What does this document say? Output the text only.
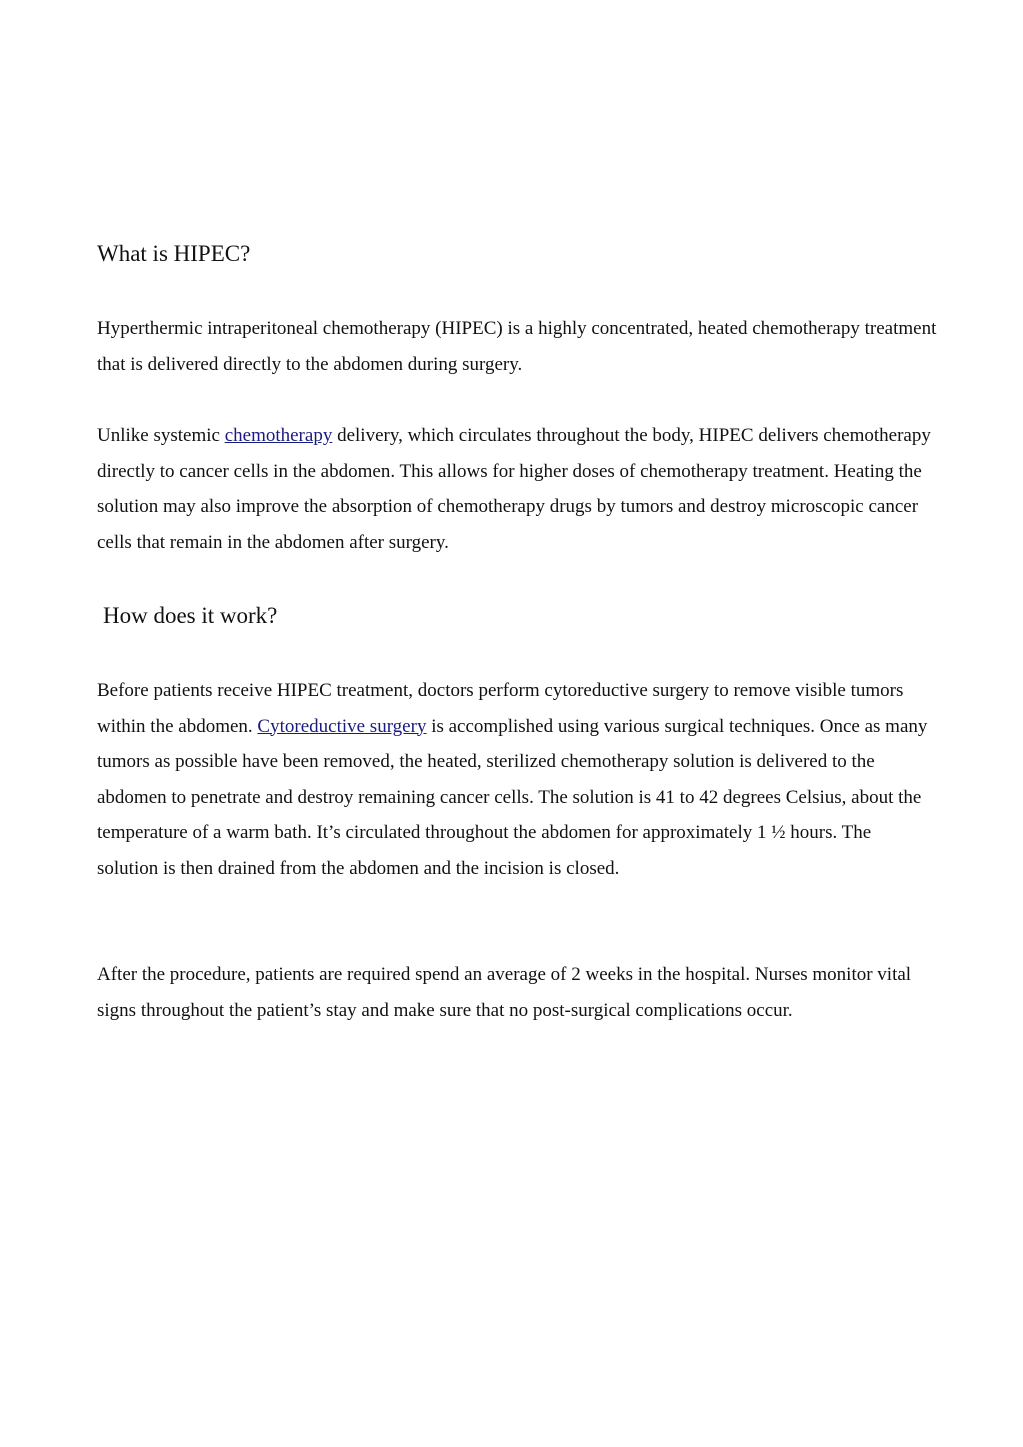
What is HIPEC?

Hyperthermic intraperitoneal chemotherapy (HIPEC) is a highly concentrated, heated chemotherapy treatment that is delivered directly to the abdomen during surgery.

Unlike systemic chemotherapy delivery, which circulates throughout the body, HIPEC delivers chemotherapy directly to cancer cells in the abdomen. This allows for higher doses of chemotherapy treatment. Heating the solution may also improve the absorption of chemotherapy drugs by tumors and destroy microscopic cancer cells that remain in the abdomen after surgery.

How does it work?

Before patients receive HIPEC treatment, doctors perform cytoreductive surgery to remove visible tumors within the abdomen. Cytoreductive surgery is accomplished using various surgical techniques. Once as many tumors as possible have been removed, the heated, sterilized chemotherapy solution is delivered to the abdomen to penetrate and destroy remaining cancer cells. The solution is 41 to 42 degrees Celsius, about the temperature of a warm bath. It’s circulated throughout the abdomen for approximately 1 ½ hours. The solution is then drained from the abdomen and the incision is closed.

After the procedure, patients are required spend an average of 2 weeks in the hospital. Nurses monitor vital signs throughout the patient’s stay and make sure that no post-surgical complications occur.
